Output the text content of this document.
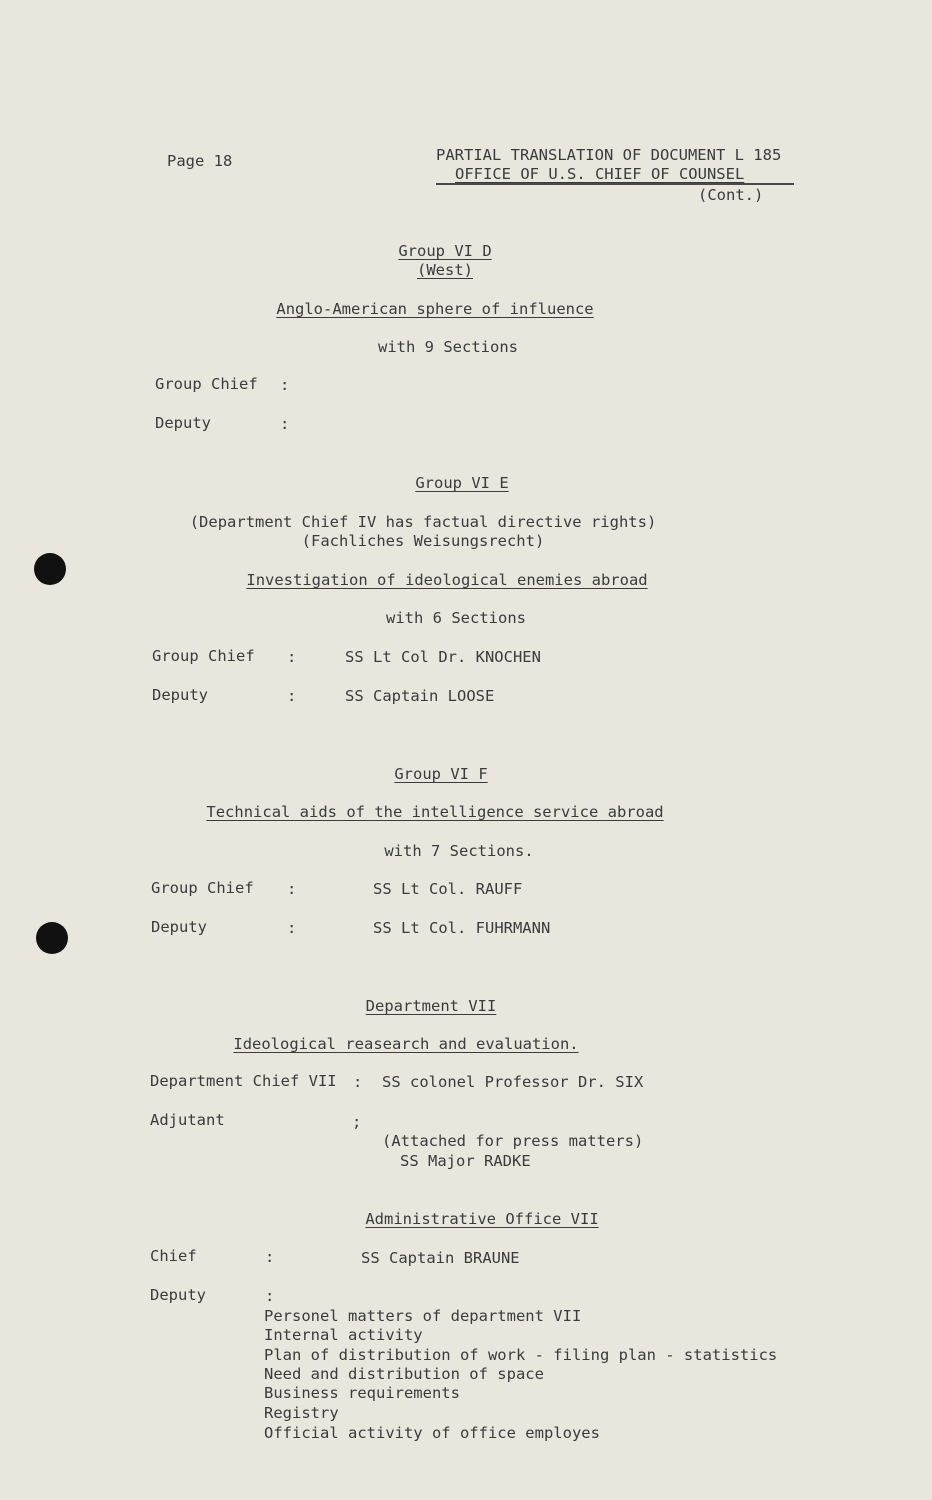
Page 18	PARTIAL TRANSLATION OF DOCUMENT L 185
OFFICE OF U.S. CHIEF OF COUNSEL
(Cont.)
Group VI D
(West)
Anglo-American sphere of influence
with 9 Sections
Group Chief :
Deputy	:
Group VI E
(Department Chief IV has factual directive rights)
(Fachliches Weisungsrecht)
Investigation of ideological enemies abroad
with 6 Sections
Group Chief :	SS Lt Col Dr. KNOCHEN
Deputy	:	SS Captain LOOSE
Group VI F
Technical aids of the intelligence service abroad
with 7 Sections.
Group Chief :	SS Lt Col. RAUFF
Deputy	:	SS Lt Col. FUHRMANN
Department VII
Ideological reasearch and evaluation.
Department Chief VII : SS colonel Professor Dr. SIX
Adjutant	;
(Attached for press matters)
SS Major RADKE
Administrative Office VII
Chief	:	SS Captain BRAUNE
Deputy	:
Personel matters of department VII
Internal activity
Plan of distribution of work - filing plan - statistics
Need and distribution of space
Business requirements
Registry
Official activity of office employes
